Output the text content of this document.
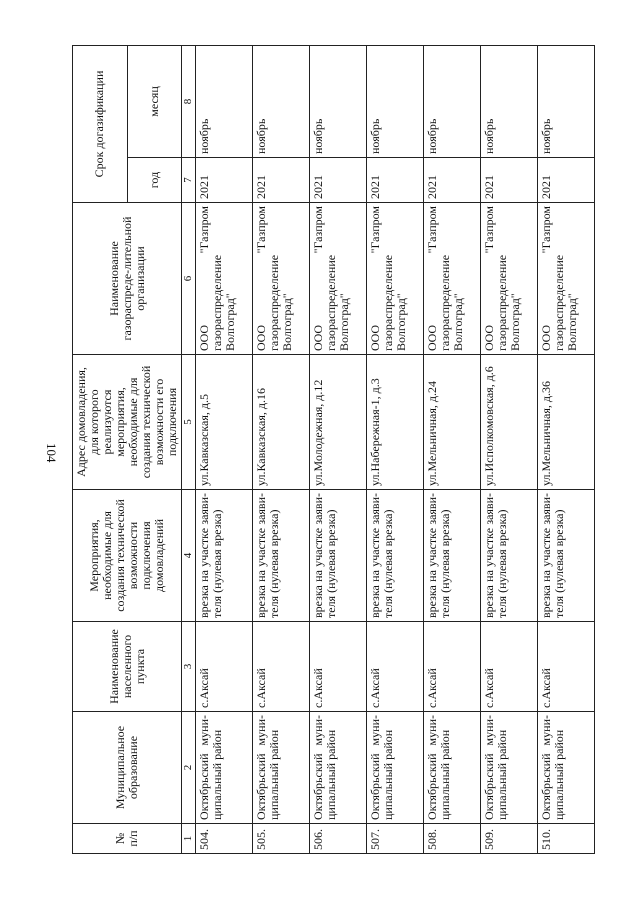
104
№ п/п	Муниципальное образование	Наименование населенного пункта	Мероприятия, необходимые для создания технической возможности подключения домовладений	Адрес домовладения, для которого реализуются мероприятия, необходимые для создания технической возможности его подключения	Наименование газораспреде-лительной организации	Срок догазификации	
						год	месяц
1	2	3	4	5	6	7	8
504.	Октябрьский муни-ципальный район	с.Аксай	врезка на участке заяви-теля (нулевая врезка)	ул.Кавказская, д.5	ООО "Газпром газораспределение Волгоград"	2021	ноябрь
505.	Октябрьский муни-ципальный район	с.Аксай	врезка на участке заяви-теля (нулевая врезка)	ул.Кавказская, д.16	ООО "Газпром газораспределение Волгоград"	2021	ноябрь
506.	Октябрьский муни-ципальный район	с.Аксай	врезка на участке заяви-теля (нулевая врезка)	ул.Молодежная, д.12	ООО "Газпром газораспределение Волгоград"	2021	ноябрь
507.	Октябрьский муни-ципальный район	с.Аксай	врезка на участке заяви-теля (нулевая врезка)	ул.Набережная-1, д.3	ООО "Газпром газораспределение Волгоград"	2021	ноябрь
508.	Октябрьский муни-ципальный район	с.Аксай	врезка на участке заяви-теля (нулевая врезка)	ул.Мельничная, д.24	ООО "Газпром газораспределение Волгоград"	2021	ноябрь
509.	Октябрьский муни-ципальный район	с.Аксай	врезка на участке заяви-теля (нулевая врезка)	ул.Исполкомовская, д.6	ООО "Газпром газораспределение Волгоград"	2021	ноябрь
510.	Октябрьский муни-ципальный район	с.Аксай	врезка на участке заяви-теля (нулевая врезка)	ул.Мельничная, д.36	ООО "Газпром газораспределение Волгоград"	2021	ноябрь
